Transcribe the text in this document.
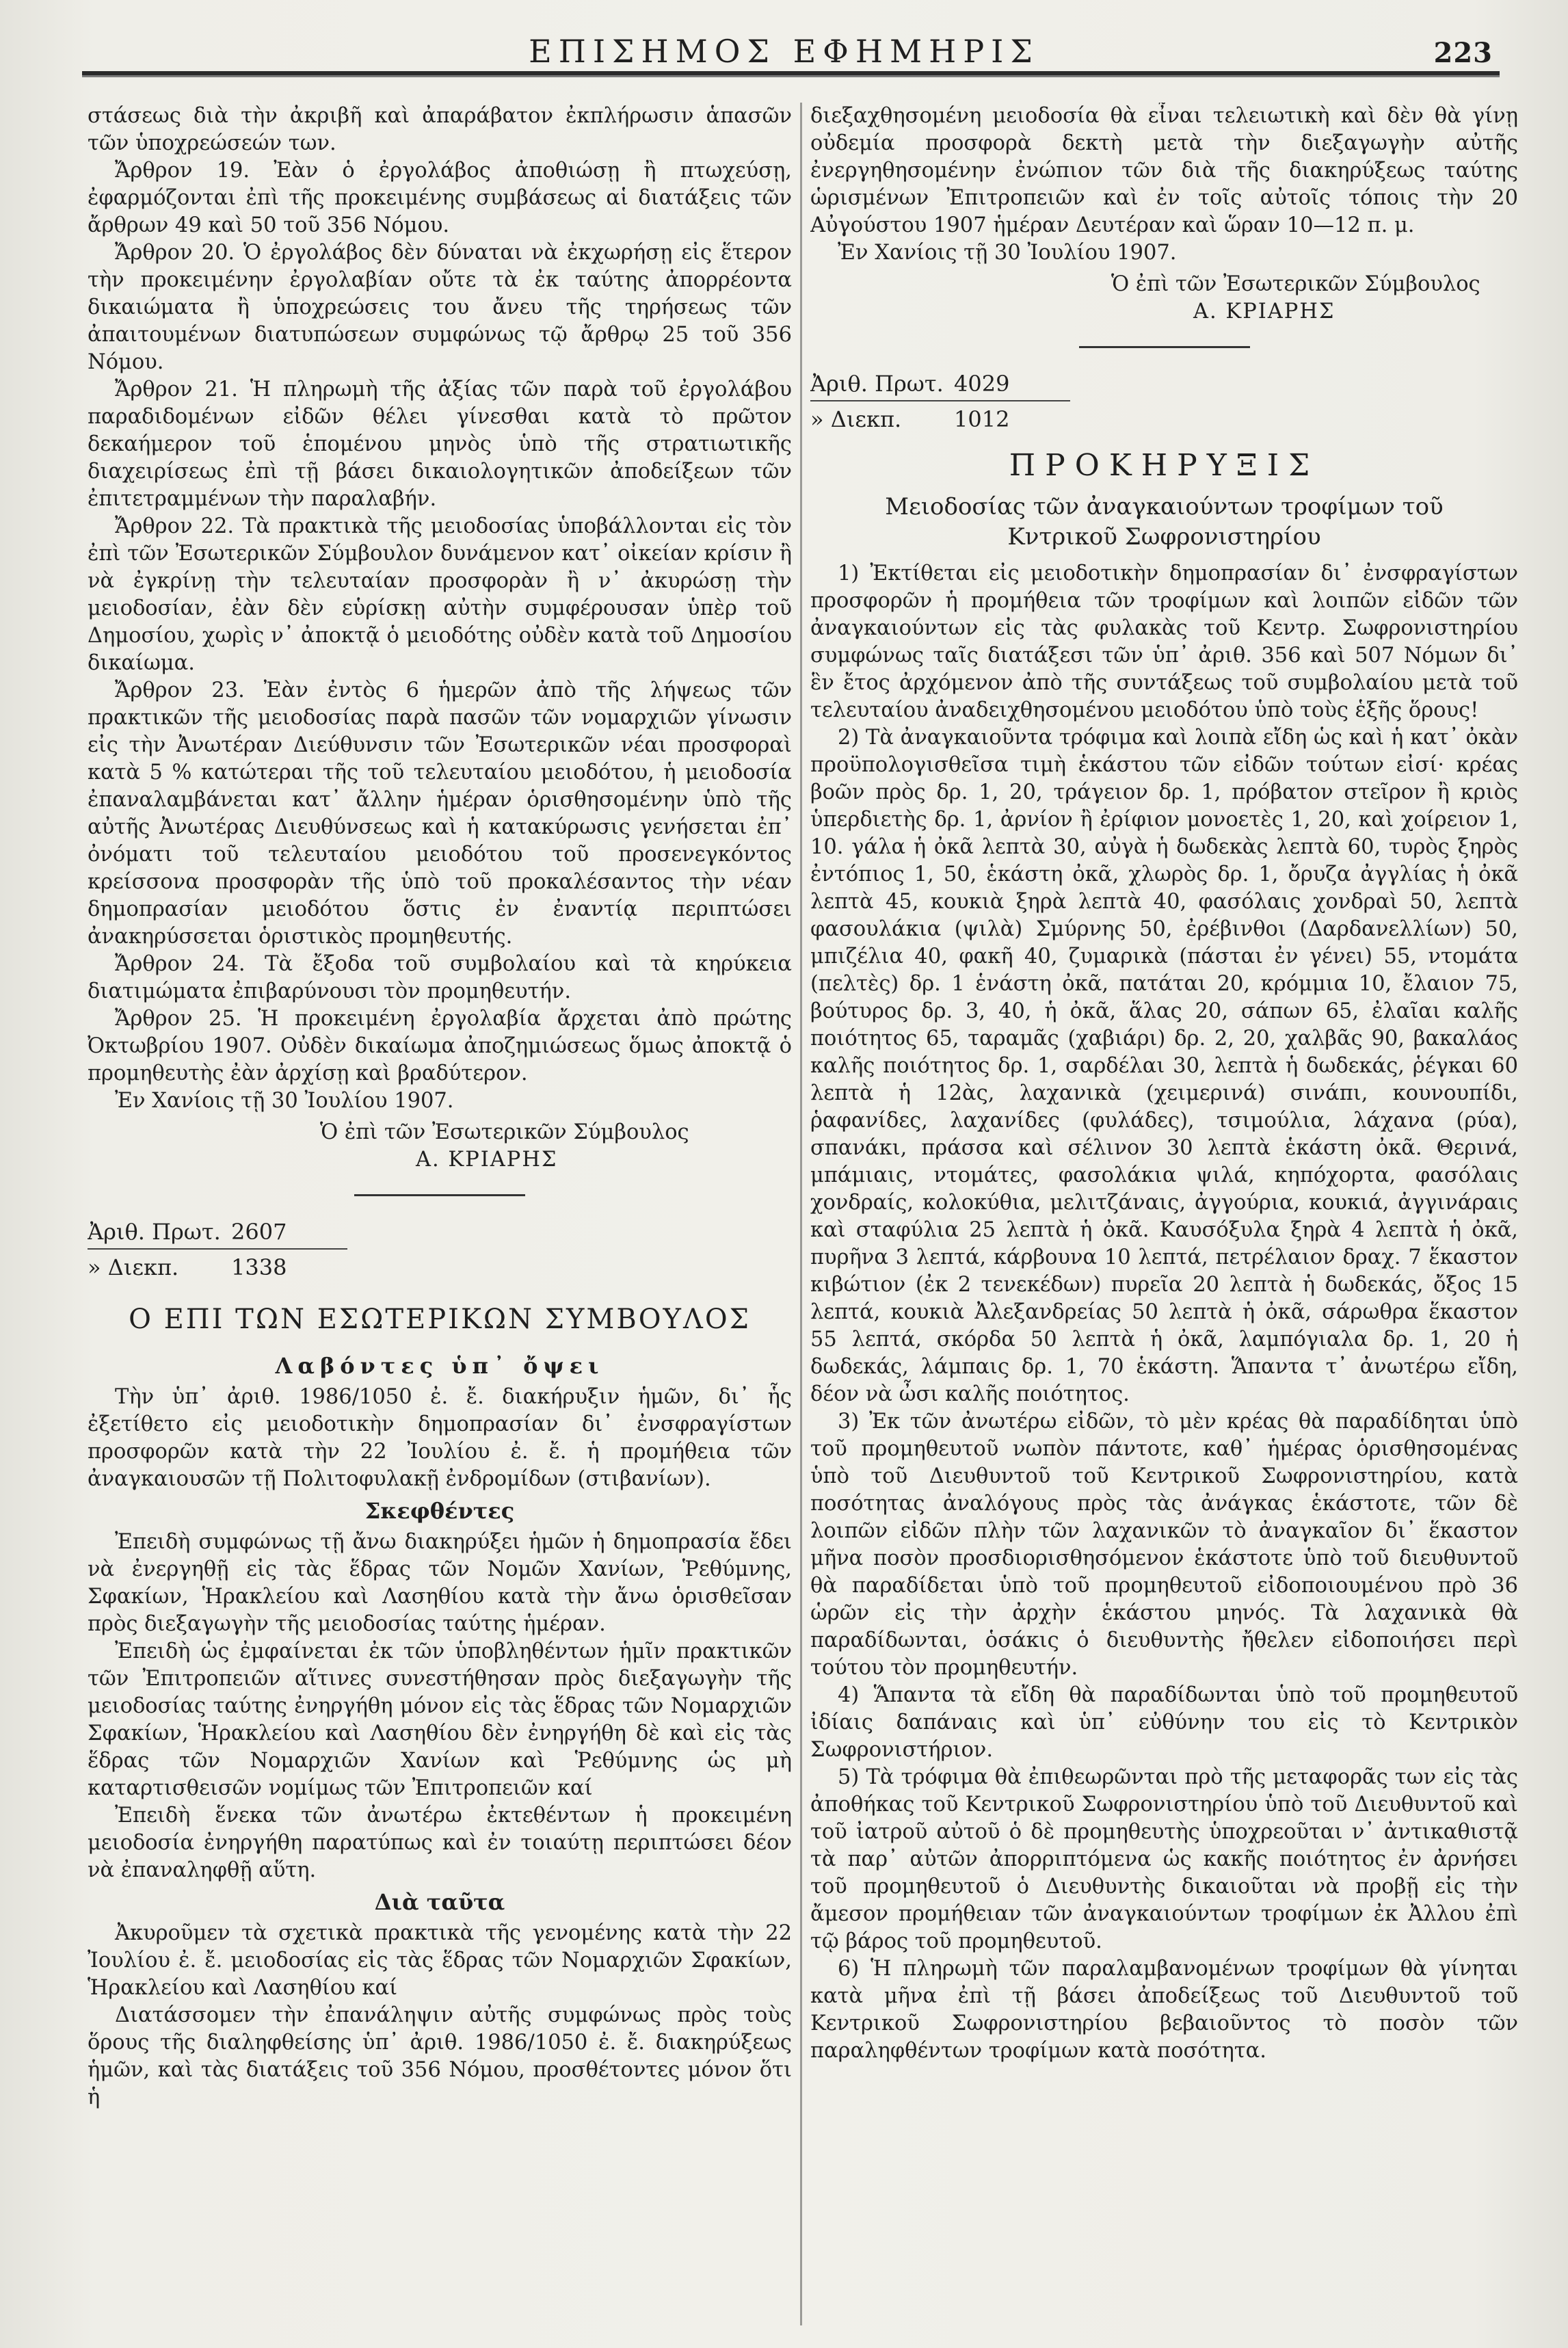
ΕΠΙΣΗΜΟΣ ΕΦΗΜΗΡΙΣ	223

στάσεως διὰ τὴν ἀκριβῆ καὶ ἀπαράβατον ἐκπλήρωσιν ἁπασῶν τῶν ὑποχρεώσεών των.

Ἄρθρον 19. Ἐὰν ὁ ἐργολάβος ἀποθιώσῃ ἢ πτωχεύσῃ, ἐφαρμόζονται ἐπὶ τῆς προκειμένης συμβάσεως αἱ διατάξεις τῶν ἄρθρων 49 καὶ 50 τοῦ 356 Νόμου.

Ἄρθρον 20. Ὁ ἐργολάβος δὲν δύναται νὰ ἐκχωρήσῃ εἰς ἕτερον τὴν προκειμένην ἐργολαβίαν οὔτε τὰ ἐκ ταύτης ἀπορρέοντα δικαιώματα ἢ ὑποχρεώσεις του ἄνευ τῆς τηρήσεως τῶν ἀπαιτουμένων διατυπώσεων συμφώνως τῷ ἄρθρῳ 25 τοῦ 356 Νόμου.

Ἄρθρον 21. Ἡ πληρωμὴ τῆς ἀξίας τῶν παρὰ τοῦ ἐργολάβου παραδιδομένων εἰδῶν θέλει γίνεσθαι κατὰ τὸ πρῶτον δεκαήμερον τοῦ ἑπομένου μηνὸς ὑπὸ τῆς στρατιωτικῆς διαχειρίσεως ἐπὶ τῇ βάσει δικαιολογητικῶν ἀποδείξεων τῶν ἐπιτετραμμένων τὴν παραλαβήν.

Ἄρθρον 22. Τὰ πρακτικὰ τῆς μειοδοσίας ὑποβάλλονται εἰς τὸν ἐπὶ τῶν Ἐσωτερικῶν Σύμβουλον δυνάμενον κατ᾽ οἰκείαν κρίσιν ἢ νὰ ἐγκρίνῃ τὴν τελευταίαν προσφορὰν ἢ ν᾽ ἀκυρώσῃ τὴν μειοδοσίαν, ἐὰν δὲν εὑρίσκῃ αὐτὴν συμφέρουσαν ὑπὲρ τοῦ Δημοσίου, χωρὶς ν᾽ ἀποκτᾷ ὁ μειοδότης οὐδὲν κατὰ τοῦ Δημοσίου δικαίωμα.

Ἄρθρον 23. Ἐὰν ἐντὸς 6 ἡμερῶν ἀπὸ τῆς λήψεως τῶν πρακτικῶν τῆς μειοδοσίας παρὰ πασῶν τῶν νομαρχιῶν γίνωσιν εἰς τὴν Ἀνωτέραν Διεύθυνσιν τῶν Ἐσωτερικῶν νέαι προσφοραὶ κατὰ 5 % κατώτεραι τῆς τοῦ τελευταίου μειοδότου, ἡ μειοδοσία ἐπαναλαμβάνεται κατ᾽ ἄλλην ἡμέραν ὁρισθησομένην ὑπὸ τῆς αὐτῆς Ἀνωτέρας Διευθύνσεως καὶ ἡ κατακύρωσις γενήσεται ἐπ᾽ ὀνόματι τοῦ τελευταίου μειοδότου τοῦ προσενεγκόντος κρείσσονα προσφορὰν τῆς ὑπὸ τοῦ προκαλέσαντος τὴν νέαν δημοπρασίαν μειοδότου ὅστις ἐν ἐναντίᾳ περιπτώσει ἀνακηρύσσεται ὁριστικὸς προμηθευτής.

Ἄρθρον 24. Τὰ ἔξοδα τοῦ συμβολαίου καὶ τὰ κηρύκεια διατιμώματα ἐπιβαρύνουσι τὸν προμηθευτήν.

Ἄρθρον 25. Ἡ προκειμένη ἐργολαβία ἄρχεται ἀπὸ πρώτης Ὀκτωβρίου 1907. Οὐδὲν δικαίωμα ἀποζημιώσεως ὅμως ἀποκτᾷ ὁ προμηθευτὴς ἐὰν ἀρχίσῃ καὶ βραδύτερον.

Ἐν Χανίοις τῇ 30 Ἰουλίου 1907.

Ὁ ἐπὶ τῶν Ἐσωτερικῶν Σύμβουλος
Α. ΚΡΙΑΡΗΣ
Ἀριθ. Πρωτ. 2607
» Διεκπ. 1338
Ο ΕΠΙ ΤΩΝ ΕΣΩΤΕΡΙΚΩΝ ΣΥΜΒΟΥΛΟΣ
Λαβόντες ὑπ᾽ ὄψει

Τὴν ὑπ᾽ ἀριθ. 1986/1050 ἐ. ἔ. διακήρυξιν ἡμῶν, δι᾽ ἧς ἐξετίθετο εἰς μειοδοτικὴν δημοπρασίαν δι᾽ ἐνσφραγίστων προσφορῶν κατὰ τὴν 22 Ἰουλίου ἐ. ἔ. ἡ προμήθεια τῶν ἀναγκαιουσῶν τῇ Πολιτοφυλακῇ ἐνδρομίδων (στιβανίων).

Σκεφθέντες

Ἐπειδὴ συμφώνως τῇ ἄνω διακηρύξει ἡμῶν ἡ δημοπρασία ἔδει νὰ ἐνεργηθῇ εἰς τὰς ἕδρας τῶν Νομῶν Χανίων, Ῥεθύμνης, Σφακίων, Ἡρακλείου καὶ Λασηθίου κατὰ τὴν ἄνω ὁρισθεῖσαν πρὸς διεξαγωγὴν τῆς μειοδοσίας ταύτης ἡμέραν.

Ἐπειδὴ ὡς ἐμφαίνεται ἐκ τῶν ὑποβληθέντων ἡμῖν πρακτικῶν τῶν Ἐπιτροπειῶν αἵτινες συνεστήθησαν πρὸς διεξαγωγὴν τῆς μειοδοσίας ταύτης ἐνηργήθη μόνον εἰς τὰς ἕδρας τῶν Νομαρχιῶν Σφακίων, Ἡρακλείου καὶ Λασηθίου δὲν ἐνηργήθη δὲ καὶ εἰς τὰς ἕδρας τῶν Νομαρχιῶν Χανίων καὶ Ῥεθύμνης ὡς μὴ καταρτισθεισῶν νομίμως τῶν Ἐπιτροπειῶν καί

Ἐπειδὴ ἕνεκα τῶν ἀνωτέρω ἐκτεθέντων ἡ προκειμένη μειοδοσία ἐνηργήθη παρατύπως καὶ ἐν τοιαύτῃ περιπτώσει δέον νὰ ἐπαναληφθῇ αὕτη.

Διὰ ταῦτα

Ἀκυροῦμεν τὰ σχετικὰ πρακτικὰ τῆς γενομένης κατὰ τὴν 22 Ἰουλίου ἐ. ἔ. μειοδοσίας εἰς τὰς ἕδρας τῶν Νομαρχιῶν Σφακίων, Ἡρακλείου καὶ Λασηθίου καί

Διατάσσομεν τὴν ἐπανάληψιν αὐτῆς συμφώνως πρὸς τοὺς ὅρους τῆς διαληφθείσης ὑπ᾽ ἀριθ. 1986/1050 ἐ. ἔ. διακηρύξεως ἡμῶν, καὶ τὰς διατάξεις τοῦ 356 Νόμου, προσθέτοντες μόνον ὅτι ἡ

διεξαχθησομένη μειοδοσία θὰ εἶναι τελειωτικὴ καὶ δὲν θὰ γίνῃ οὐδεμία προσφορὰ δεκτὴ μετὰ τὴν διεξαγωγὴν αὐτῆς ἐνεργηθησομένην ἐνώπιον τῶν διὰ τῆς διακηρύξεως ταύτης ὡρισμένων Ἐπιτροπειῶν καὶ ἐν τοῖς αὐτοῖς τόποις τὴν 20 Αὐγούστου 1907 ἡμέραν Δευτέραν καὶ ὥραν 10—12 π. μ.

Ἐν Χανίοις τῇ 30 Ἰουλίου 1907.

Ὁ ἐπὶ τῶν Ἐσωτερικῶν Σύμβουλος
Α. ΚΡΙΑΡΗΣ
Ἀριθ. Πρωτ. 4029
» Διεκπ. 1012
ΠΡΟΚΗΡΥΞΙΣ
Μειοδοσίας τῶν ἀναγκαιούντων τροφίμων τοῦ
Κντρικοῦ Σωφρονιστηρίου

1) Ἐκτίθεται εἰς μειοδοτικὴν δημοπρασίαν δι᾽ ἐνσφραγίστων προσφορῶν ἡ προμήθεια τῶν τροφίμων καὶ λοιπῶν εἰδῶν τῶν ἀναγκαιούντων εἰς τὰς φυλακὰς τοῦ Κεντρ. Σωφρονιστηρίου συμφώνως ταῖς διατάξεσι τῶν ὑπ᾽ ἀριθ. 356 καὶ 507 Νόμων δι᾽ ἓν ἔτος ἀρχόμενον ἀπὸ τῆς συντάξεως τοῦ συμβολαίου μετὰ τοῦ τελευταίου ἀναδειχθησομένου μειοδότου ὑπὸ τοὺς ἑξῆς ὅρους!

2) Τὰ ἀναγκαιοῦντα τρόφιμα καὶ λοιπὰ εἴδη ὡς καὶ ἡ κατ᾽ ὀκὰν προϋπολογισθεῖσα τιμὴ ἑκάστου τῶν εἰδῶν τούτων εἰσί· κρέας βοῶν πρὸς δρ. 1, 20, τράγειον δρ. 1, πρόβατον στεῖρον ἢ κριὸς ὑπερδιετὴς δρ. 1, ἀρνίον ἢ ἐρίφιον μονοετὲς 1, 20, καὶ χοίρειον 1, 10. γάλα ἡ ὀκᾶ λεπτὰ 30, αὐγὰ ἡ δωδεκὰς λεπτὰ 60, τυρὸς ξηρὸς ἐντόπιος 1, 50, ἑκάστη ὀκᾶ, χλωρὸς δρ. 1, ὄρυζα ἀγγλίας ἡ ὀκᾶ λεπτὰ 45, κουκιὰ ξηρὰ λεπτὰ 40, φασόλαις χονδραὶ 50, λεπτὰ φασουλάκια (ψιλὰ) Σμύρνης 50, ἐρέβινθοι (Δαρδανελλίων) 50, μπιζέλια 40, φακῆ 40, ζυμαρικὰ (πάσται ἐν γένει) 55, ντομάτα (πελτὲς) δρ. 1 ἑνάστη ὀκᾶ, πατάται 20, κρόμμια 10, ἔλαιον 75, βούτυρος δρ. 3, 40, ἡ ὀκᾶ, ἅλας 20, σάπων 65, ἐλαῖαι καλῆς ποιότητος 65, ταραμᾶς (χαβιάρι) δρ. 2, 20, χαλβᾶς 90, βακαλάος καλῆς ποιότητος δρ. 1, σαρδέλαι 30, λεπτὰ ἡ δωδεκάς, ῥέγκαι 60 λεπτὰ ἡ 12ὰς, λαχανικὰ (χειμερινά) σινάπι, κουνουπίδι, ῥαφανίδες, λαχανίδες (φυλάδες), τσιμούλια, λάχανα (ρύα), σπανάκι, πράσσα καὶ σέλινον 30 λεπτὰ ἑκάστη ὀκᾶ. Θερινά, μπάμιαις, ντομάτες, φασολάκια ψιλά, κηπόχορτα, φασόλαις χονδραίς, κολοκύθια, μελιτζάναις, ἀγγούρια, κουκιά, ἀγγινάραις καὶ σταφύλια 25 λεπτὰ ἡ ὀκᾶ. Καυσόξυλα ξηρὰ 4 λεπτὰ ἡ ὀκᾶ, πυρῆνα 3 λεπτά, κάρβουνα 10 λεπτά, πετρέλαιον δραχ. 7 ἕκαστον κιβώτιον (ἐκ 2 τενεκέδων) πυρεῖα 20 λεπτὰ ἡ δωδεκάς, ὄξος 15 λεπτά, κουκιὰ Ἀλεξανδρείας 50 λεπτὰ ἡ ὀκᾶ, σάρωθρα ἕκαστον 55 λεπτά, σκόρδα 50 λεπτὰ ἡ ὀκᾶ, λαμπόγιαλα δρ. 1, 20 ἡ δωδεκάς, λάμπαις δρ. 1, 70 ἑκάστη. Ἅπαντα τ᾽ ἀνωτέρω εἴδη, δέον νὰ ὦσι καλῆς ποιότητος.

3) Ἐκ τῶν ἀνωτέρω εἰδῶν, τὸ μὲν κρέας θὰ παραδίδηται ὑπὸ τοῦ προμηθευτοῦ νωπὸν πάντοτε, καθ᾽ ἡμέρας ὁρισθησομένας ὑπὸ τοῦ Διευθυντοῦ τοῦ Κεντρικοῦ Σωφρονιστηρίου, κατὰ ποσότητας ἀναλόγους πρὸς τὰς ἀνάγκας ἑκάστοτε, τῶν δὲ λοιπῶν εἰδῶν πλὴν τῶν λαχανικῶν τὸ ἀναγκαῖον δι᾽ ἕκαστον μῆνα ποσὸν προσδιορισθησόμενον ἑκάστοτε ὑπὸ τοῦ διευθυντοῦ θὰ παραδίδεται ὑπὸ τοῦ προμηθευτοῦ εἰδοποιουμένου πρὸ 36 ὡρῶν εἰς τὴν ἀρχὴν ἑκάστου μηνός. Τὰ λαχανικὰ θὰ παραδίδωνται, ὁσάκις ὁ διευθυντὴς ἤθελεν εἰδοποιήσει περὶ τούτου τὸν προμηθευτήν.

4) Ἅπαντα τὰ εἴδη θὰ παραδίδωνται ὑπὸ τοῦ προμηθευτοῦ ἰδίαις δαπάναις καὶ ὑπ᾽ εὐθύνην του εἰς τὸ Κεντρικὸν Σωφρονιστήριον.

5) Τὰ τρόφιμα θὰ ἐπιθεωρῶνται πρὸ τῆς μεταφορᾶς των εἰς τὰς ἀποθήκας τοῦ Κεντρικοῦ Σωφρονιστηρίου ὑπὸ τοῦ Διευθυντοῦ καὶ τοῦ ἰατροῦ αὐτοῦ ὁ δὲ προμηθευτὴς ὑποχρεοῦται ν᾽ ἀντικαθιστᾷ τὰ παρ᾽ αὐτῶν ἀπορριπτόμενα ὡς κακῆς ποιότητος ἐν ἀρνήσει τοῦ προμηθευτοῦ ὁ Διευθυντὴς δικαιοῦται νὰ προβῇ εἰς τὴν ἄμεσον προμήθειαν τῶν ἀναγκαιούντων τροφίμων ἐκ Ἀλλου ἐπὶ τῷ βάρος τοῦ προμηθευτοῦ.

6) Ἡ πληρωμὴ τῶν παραλαμβανομένων τροφίμων θὰ γίνηται κατὰ μῆνα ἐπὶ τῇ βάσει ἀποδείξεως τοῦ Διευθυντοῦ τοῦ Κεντρικοῦ Σωφρονιστηρίου βεβαιοῦντος τὸ ποσὸν τῶν παραληφθέντων τροφίμων κατὰ ποσότητα.
